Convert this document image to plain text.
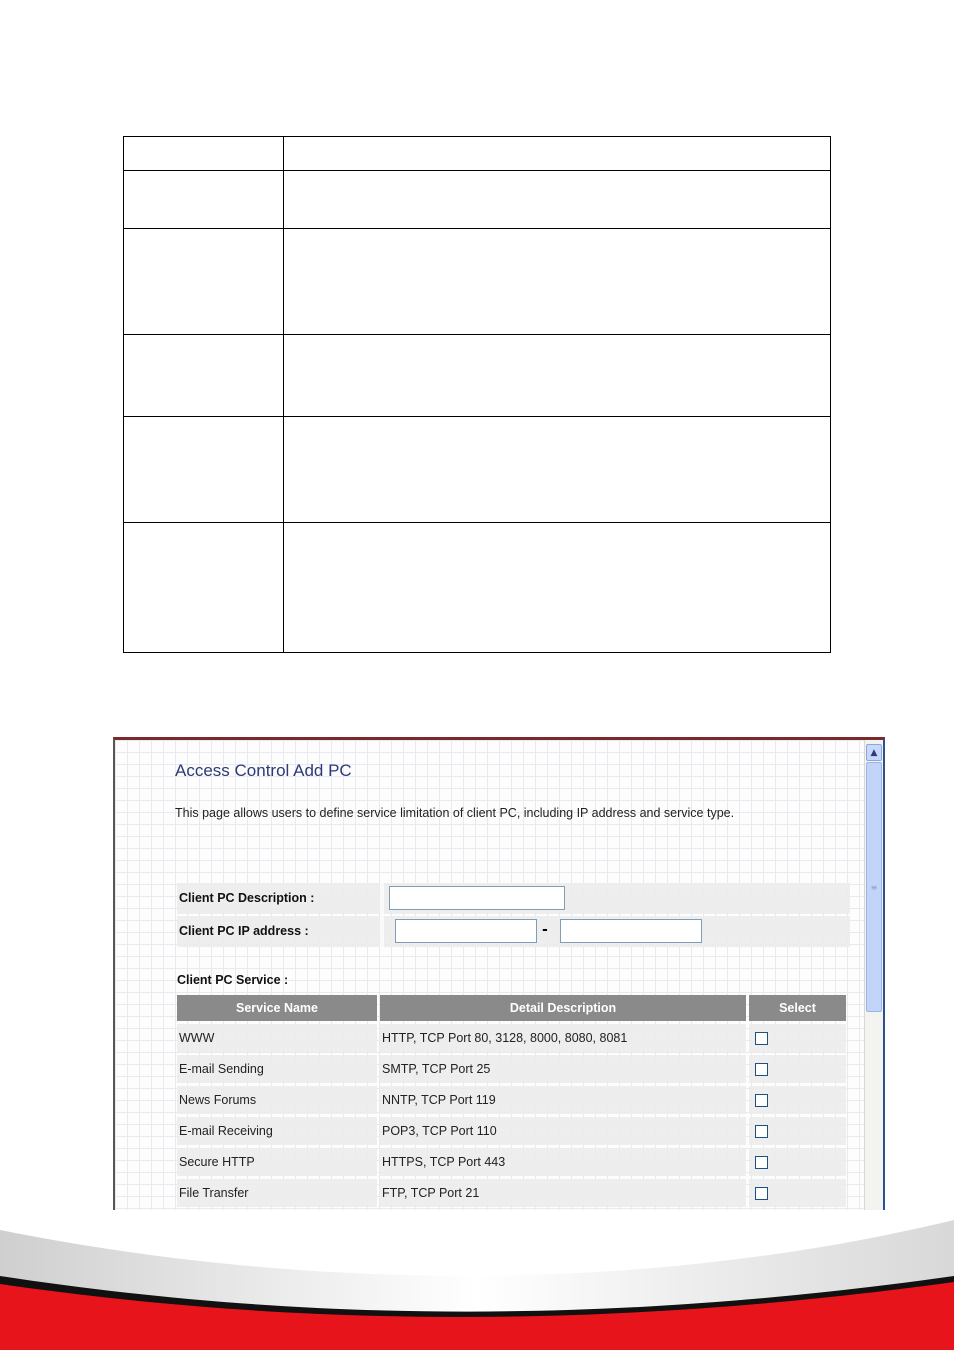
Access Control Add PC
This page allows users to define service limitation of client PC, including IP address and service type.
Client PC Description :
Client PC IP address :	-
Client PC Service :
Service Name	Detail Description	Select
WWW	HTTP, TCP Port 80, 3128, 8000, 8080, 8081	
E-mail Sending	SMTP, TCP Port 25	
News Forums	NNTP, TCP Port 119	
E-mail Receiving	POP3, TCP Port 110	
Secure HTTP	HTTPS, TCP Port 443	
File Transfer	FTP, TCP Port 21	
▲
≡
